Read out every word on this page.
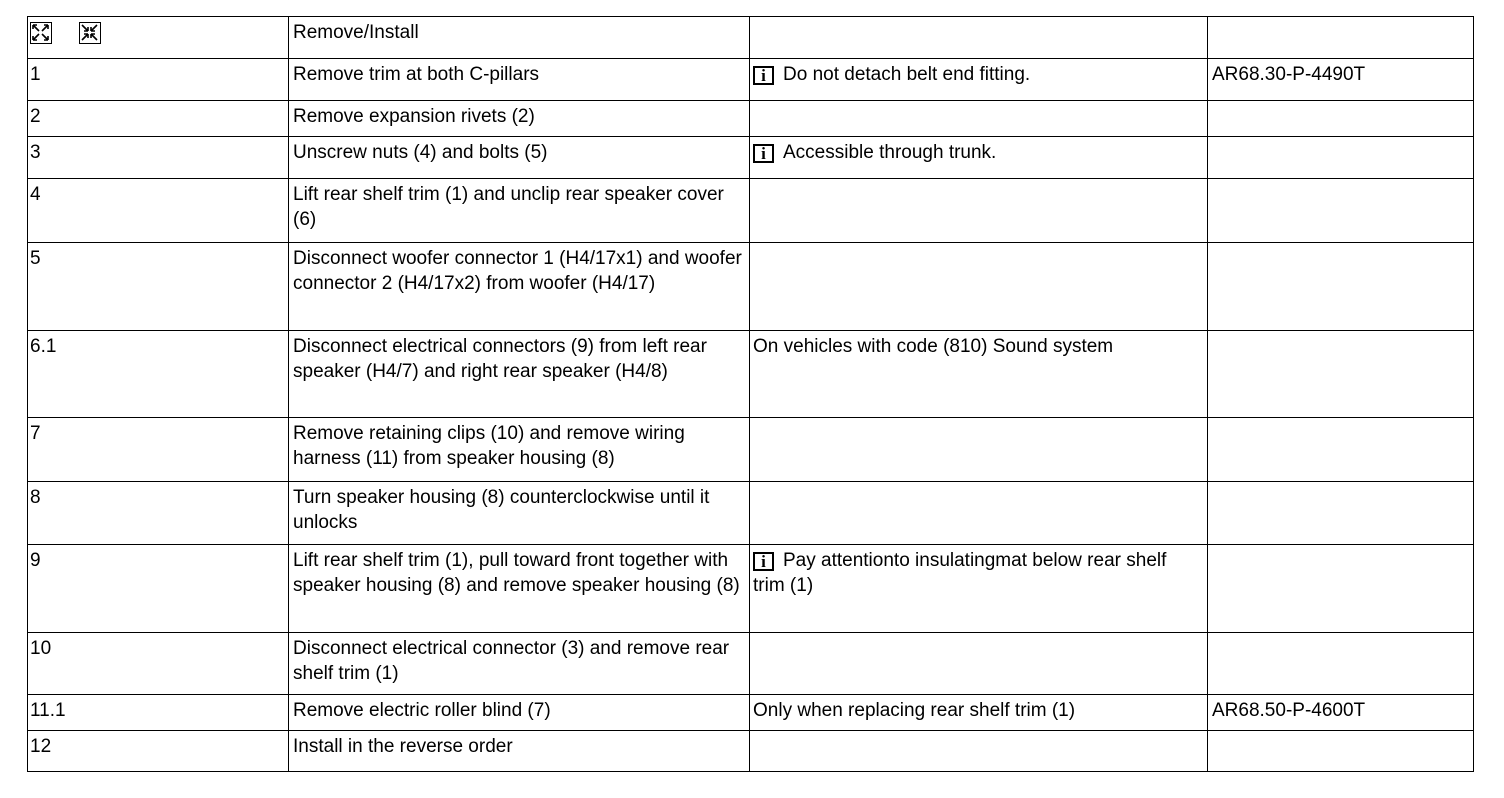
	Remove/Install		
1	Remove trim at both C-pillars	iDo not detach belt end fitting.	AR68.30-P-4490T
2	Remove expansion rivets (2)		
3	Unscrew nuts (4) and bolts (5)	iAccessible through trunk.	
4	Lift rear shelf trim (1) and unclip rear speaker cover (6)		
5	Disconnect woofer connector 1 (H4/17x1) and woofer connector 2 (H4/17x2) from woofer (H4/17)		
6.1	Disconnect electrical connectors (9) from left rear speaker (H4/7) and right rear speaker (H4/8)	On vehicles with code (810) Sound system	
7	Remove retaining clips (10) and remove wiring harness (11) from speaker housing (8)		
8	Turn speaker housing (8) counterclockwise until it unlocks		
9	Lift rear shelf trim (1), pull toward front together with speaker housing (8) and remove speaker housing (8)	iPay attentionto insulatingmat below rear shelf trim (1)	
10	Disconnect electrical connector (3) and remove rear shelf trim (1)		
11.1	Remove electric roller blind (7)	Only when replacing rear shelf trim (1)	AR68.50-P-4600T
12	Install in the reverse order		
